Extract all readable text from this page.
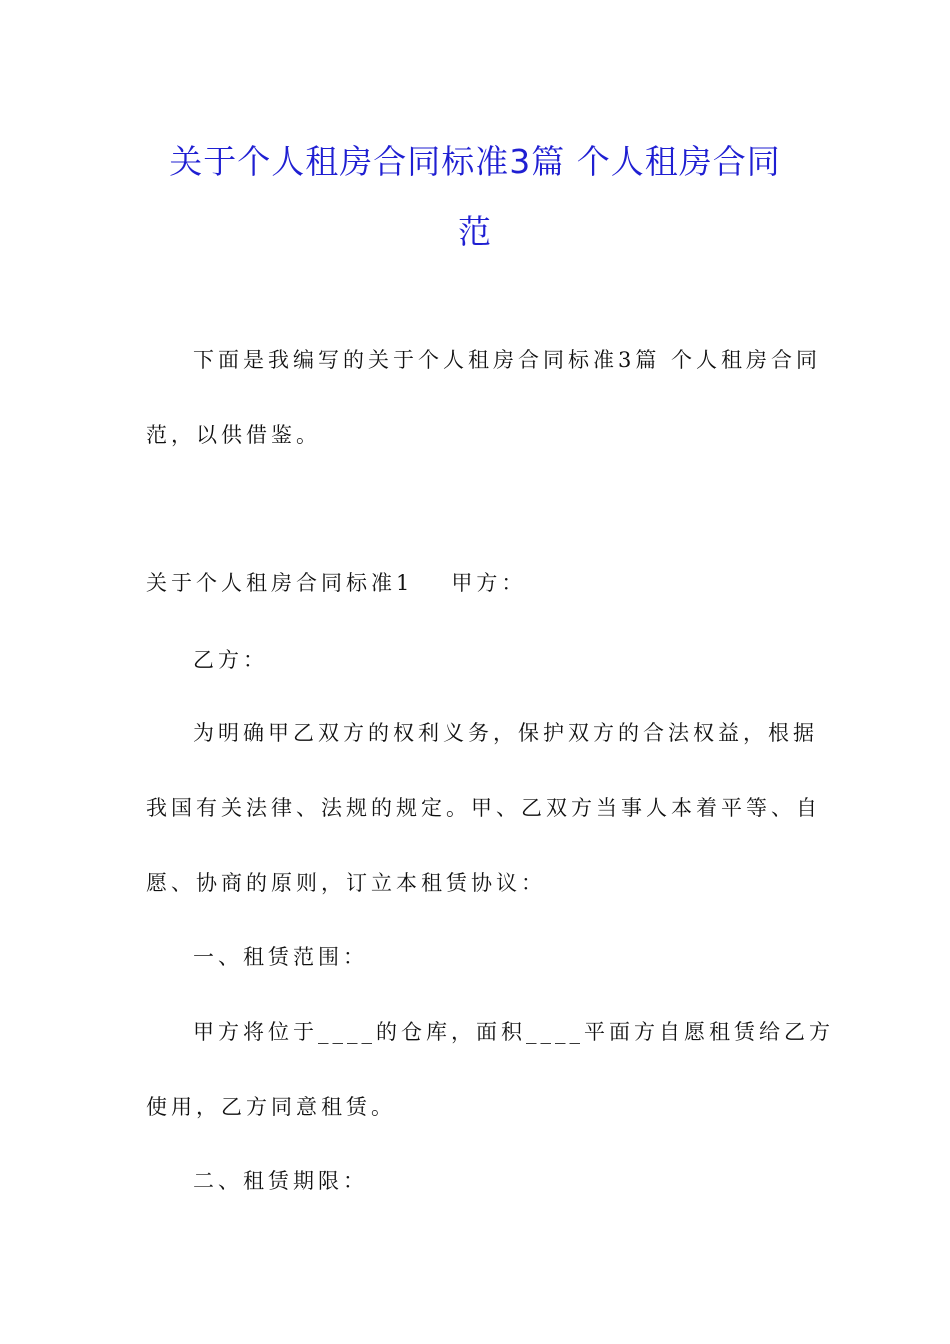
关于个人租房合同标准3篇 个人租房合同
范
下面是我编写的关于个人租房合同标准3篇 个人租房合同
范，以供借鉴。
关于个人租房合同标准1 甲方：
乙方：
为明确甲乙双方的权利义务，保护双方的合法权益，根据
我国有关法律、法规的规定。甲、乙双方当事人本着平等、自
愿、协商的原则，订立本租赁协议：
一、租赁范围：
甲方将位于____的仓库，面积____平面方自愿租赁给乙方
使用，乙方同意租赁。
二、租赁期限：
